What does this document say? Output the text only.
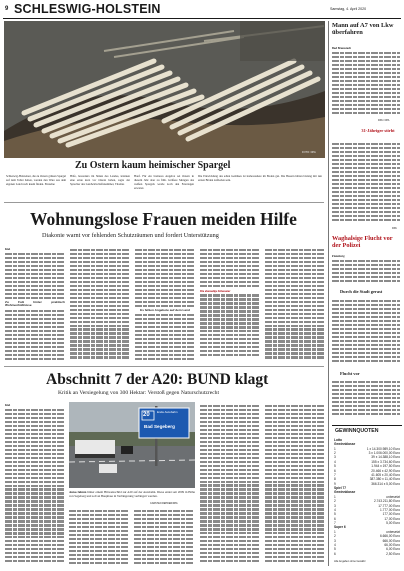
9 SCHLESWIG-HOLSTEIN	Samstag, 4. April 2020
FOTO: DPA
Zu Ostern kaum heimischer Spargel

Schleswig-Holsteiner, die zu Ostern grünen Spargel auf dem Teller haben, werden den Ware aus dem eigenen Land noch kaum finden. Einzelne

Höfe, besonders im Süden des Landes, könnten eine ernte kurz vor Ostern haben, sagte der Sprecher des Landwirtschaftskammer, Thomas

Hanf. Für ein breiteres Angebot sei Ostern in diesem Jahr aber zu früh. Größere Mengen des weißen Spargels werde noch den Feiertagen erwartet.

Die Entwicklung des edlen Gemüses ist insbesondere im Boden gut. Die Bauern hätten bislang mit den ersten Böden zufrieden sein.

Mann auf A7 von Lkw überfahren

Bad Bramstedt

DPA / DPA
31-Jähriger stirbt
DPA
Waghalsige Flucht vor der Polizei

Flensburg

Durch die Stadt gerast
Flucht vor
GEWINNQUOTEN
Lotto
Gewinnklasse
1	1 x 14.300.989,10 Euro
2	3 x 1.006.000,00 Euro
3	39 x 14.388,10 Euro
4	155 x 3.734,60 Euro
5	1.944 x 197,50 Euro
6	20.466 x 42,90 Euro
7	41.605 x 20,40 Euro
8	387.380 x 11,40 Euro
9	366.314 x 5,00 Euro
Spiel 77
Gewinnklasse
1	unbesetzt
2	2.743.211,80 Euro
3	17.777,00 Euro
4	1.777,00 Euro
5	177,00 Euro
6	17,00 Euro
7	5,00 Euro
Super 6
1	unbesetzt
2	6.666,00 Euro
3	666,00 Euro
4	66,00 Euro
5	6,00 Euro
6	2,50 Euro
Alle Angaben ohne Gewähr
Wohnungslose Frauen meiden Hilfe
Diakonie warnt vor fehlenden Schutzräumen und fordert Unterstützung

Kiel

Zu Fuß hinter praktisch Wohnverhältnisse

Es fehlen Angebote auf dem Land

Die ehemalige Kilometer

Abschnitt 7 der A20: BUND klagt
Kritik an Versiegelung von 300 Hektar: Verstoß gegen Naturschutzrecht

Kiel

Ende Autobahn
20
Bad Segeberg

Autos fahren hinter einem Hinweisschild zur A20 auf der Autobahn. Diese endet seit 2009 in Höhe von Segeberg und soll an Bauphase in Verlängerung verlängert werden.

CARSTEN REHDER/DPA
